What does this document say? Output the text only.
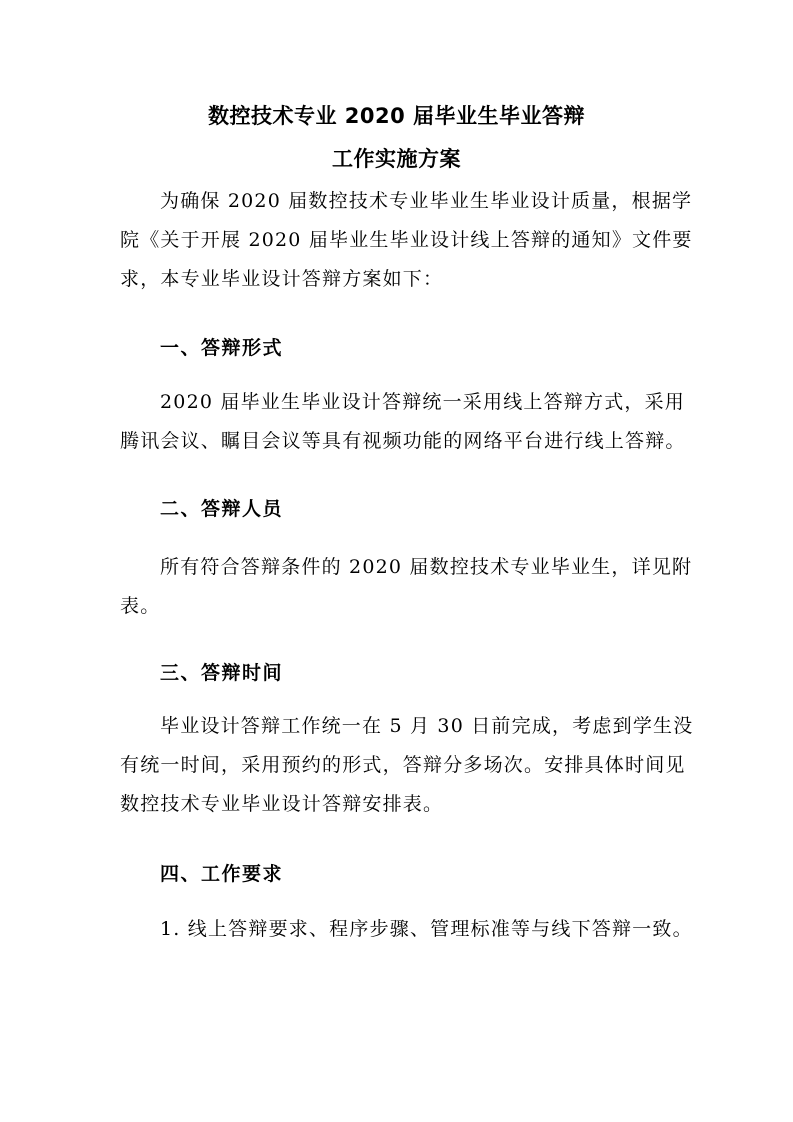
数控技术专业 2020 届毕业生毕业答辩
工作实施方案
为确保 2020 届数控技术专业毕业生毕业设计质量，根据学
院《关于开展 2020 届毕业生毕业设计线上答辩的通知》文件要
求，本专业毕业设计答辩方案如下：
一、答辩形式
2020 届毕业生毕业设计答辩统一采用线上答辩方式，采用
腾讯会议、瞩目会议等具有视频功能的网络平台进行线上答辩。
二、答辩人员
所有符合答辩条件的 2020 届数控技术专业毕业生，详见附
表。
三、答辩时间
毕业设计答辩工作统一在 5 月 30 日前完成，考虑到学生没
有统一时间，采用预约的形式，答辩分多场次。安排具体时间见
数控技术专业毕业设计答辩安排表。
四、工作要求
1. 线上答辩要求、程序步骤、管理标准等与线下答辩一致。
